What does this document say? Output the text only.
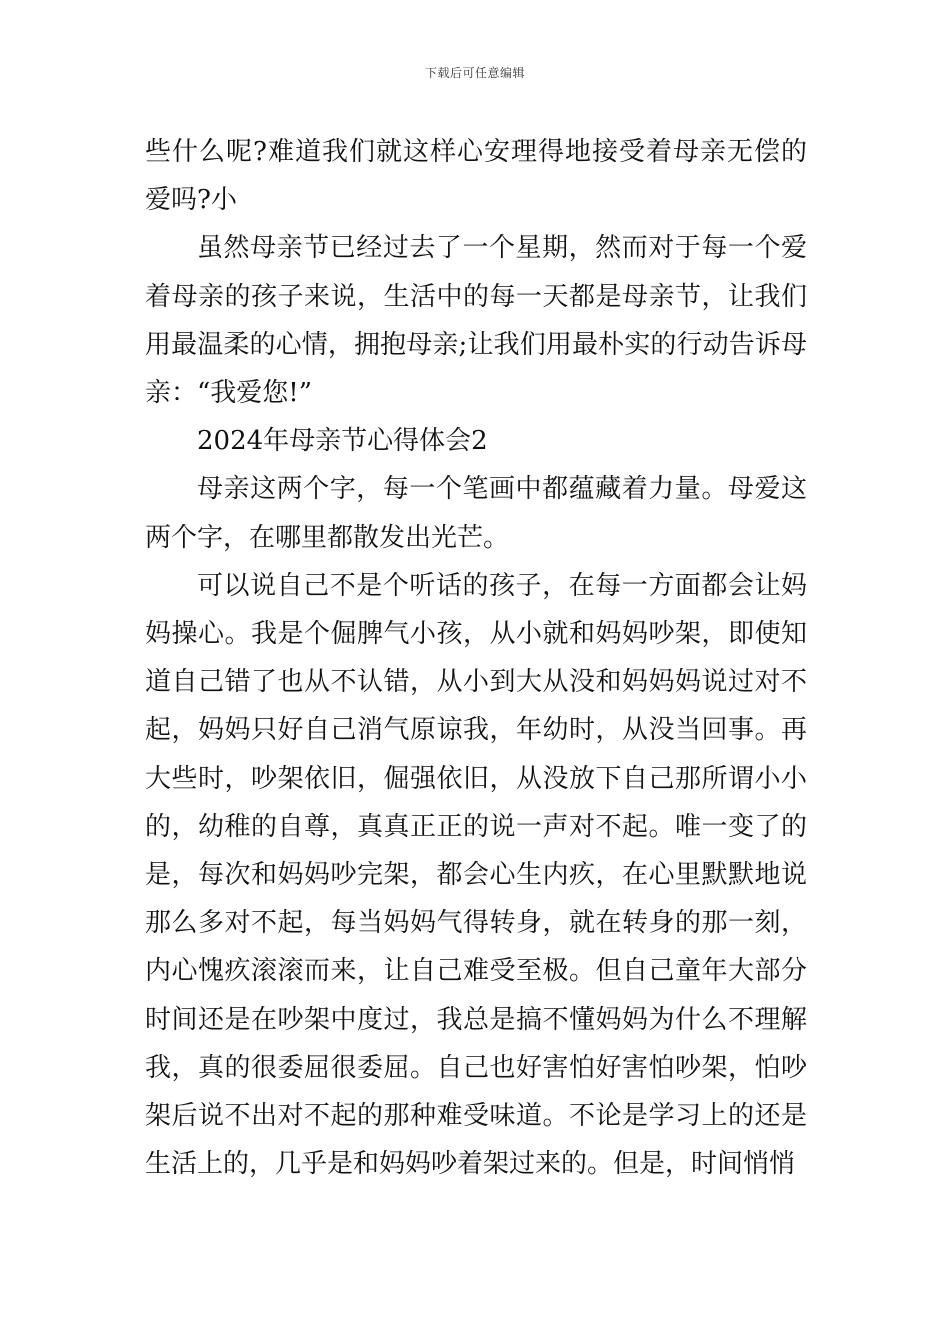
下载后可任意编辑

些什么呢?难道我们就这样心安理得地接受着母亲无偿的爱吗?小

虽然母亲节已经过去了一个星期，然而对于每一个爱着母亲的孩子来说，生活中的每一天都是母亲节，让我们用最温柔的心情，拥抱母亲;让我们用最朴实的行动告诉母亲：“我爱您!”

2024年母亲节心得体会2

母亲这两个字，每一个笔画中都蕴藏着力量。母爱这两个字，在哪里都散发出光芒。

可以说自己不是个听话的孩子，在每一方面都会让妈妈操心。我是个倔脾气小孩，从小就和妈妈吵架，即使知道自己错了也从不认错，从小到大从没和妈妈妈说过对不起，妈妈只好自己消气原谅我，年幼时，从没当回事。再大些时，吵架依旧，倔强依旧，从没放下自己那所谓小小的，幼稚的自尊，真真正正的说一声对不起。唯一变了的是，每次和妈妈吵完架，都会心生内疚，在心里默默地说那么多对不起，每当妈妈气得转身，就在转身的那一刻，内心愧疚滚滚而来，让自己难受至极。但自己童年大部分时间还是在吵架中度过，我总是搞不懂妈妈为什么不理解我，真的很委屈很委屈。自己也好害怕好害怕吵架，怕吵架后说不出对不起的那种难受味道。不论是学习上的还是生活上的，几乎是和妈妈吵着架过来的。但是，时间悄悄
